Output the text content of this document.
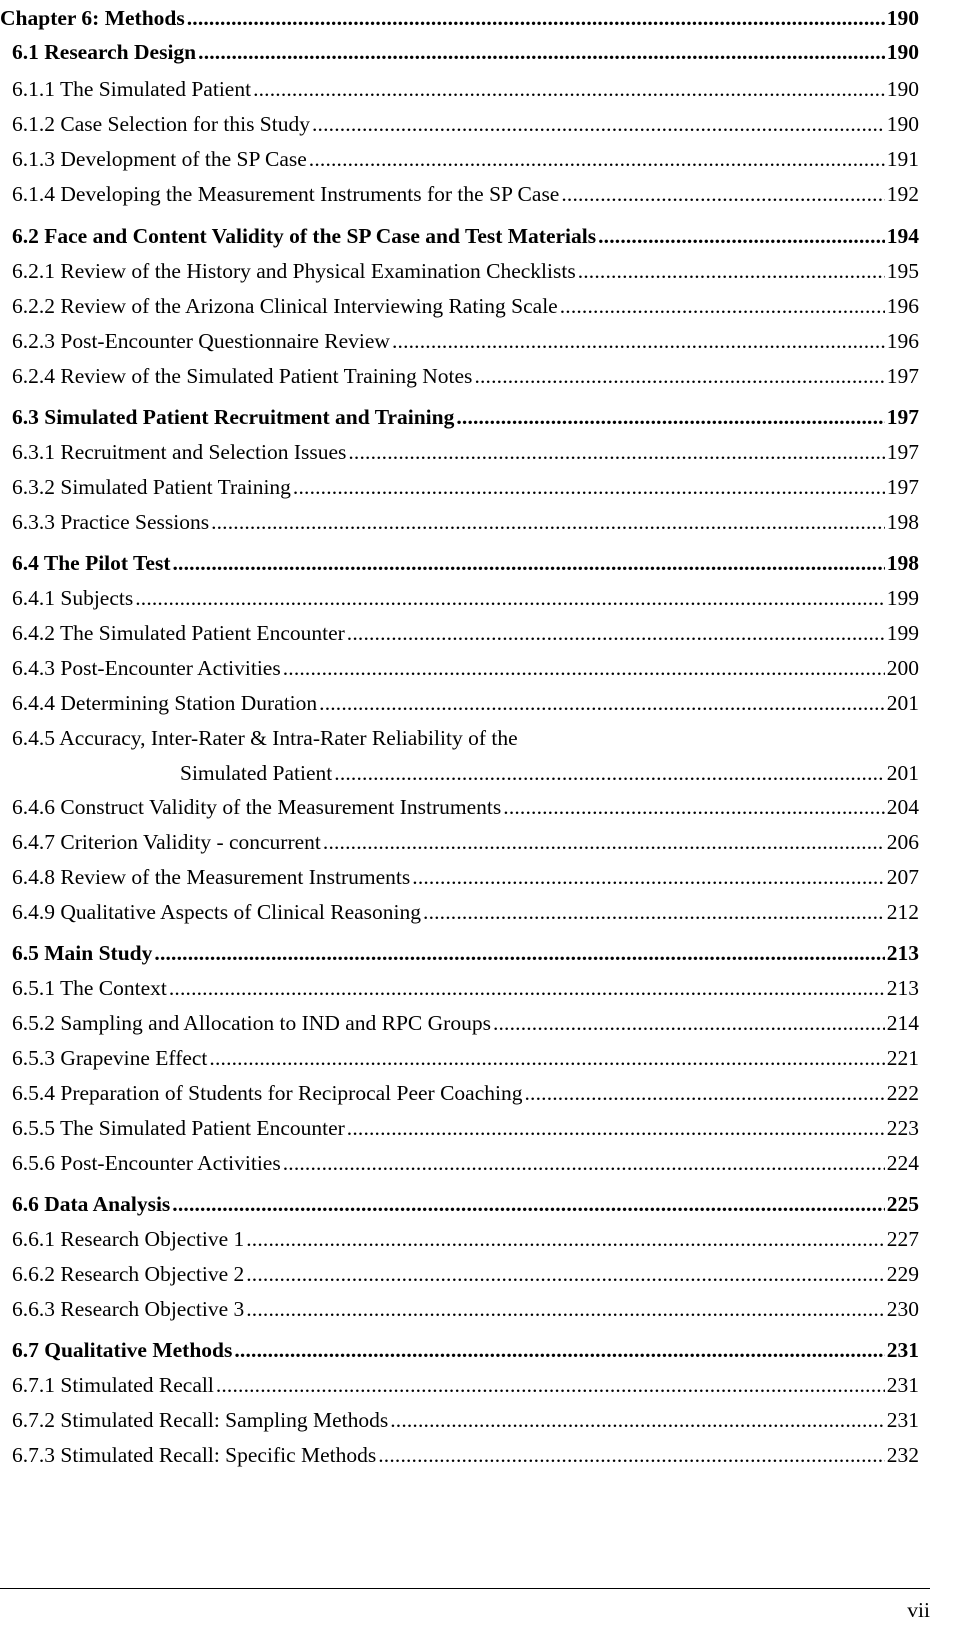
Chapter 6: Methods . . .	190
6.1 Research Design . . .	190
6.1.1 The Simulated Patient . . .	190
6.1.2 Case Selection for this Study . . .	190
6.1.3 Development of the SP Case . . .	191
6.1.4 Developing the Measurement Instruments for the SP Case . . .	192
6.2 Face and Content Validity of the SP Case and Test Materials . . .	194
6.2.1 Review of the History and Physical Examination Checklists . . .	195
6.2.2 Review of the Arizona Clinical Interviewing Rating Scale . . .	196
6.2.3 Post-Encounter Questionnaire Review . . .	196
6.2.4 Review of the Simulated Patient Training Notes . . .	197
6.3 Simulated Patient Recruitment and Training . . .	197
6.3.1 Recruitment and Selection Issues . . .	197
6.3.2 Simulated Patient Training . . .	197
6.3.3 Practice Sessions . . .	198
6.4 The Pilot Test . . .	198
6.4.1 Subjects . . .	199
6.4.2 The Simulated Patient Encounter . . .	199
6.4.3 Post-Encounter Activities . . .	200
6.4.4 Determining Station Duration . . .	201
6.4.5 Accuracy, Inter-Rater & Intra-Rater Reliability of the
Simulated Patient . . .	201
6.4.6 Construct Validity of the Measurement Instruments . . .	204
6.4.7 Criterion Validity - concurrent . . .	206
6.4.8 Review of the Measurement Instruments . . .	207
6.4.9 Qualitative Aspects of Clinical Reasoning . . .	212
6.5 Main Study . . .	213
6.5.1 The Context . . .	213
6.5.2 Sampling and Allocation to IND and RPC Groups . . .	214
6.5.3 Grapevine Effect . . .	221
6.5.4 Preparation of Students for Reciprocal Peer Coaching . . .	222
6.5.5 The Simulated Patient Encounter . . .	223
6.5.6 Post-Encounter Activities . . .	224
6.6 Data Analysis . . .	225
6.6.1 Research Objective 1 . . .	227
6.6.2 Research Objective 2 . . .	229
6.6.3 Research Objective 3 . . .	230
6.7 Qualitative Methods . . .	231
6.7.1 Stimulated Recall . . .	231
6.7.2 Stimulated Recall: Sampling Methods . . .	231
6.7.3 Stimulated Recall: Specific Methods . . .	232
vii
